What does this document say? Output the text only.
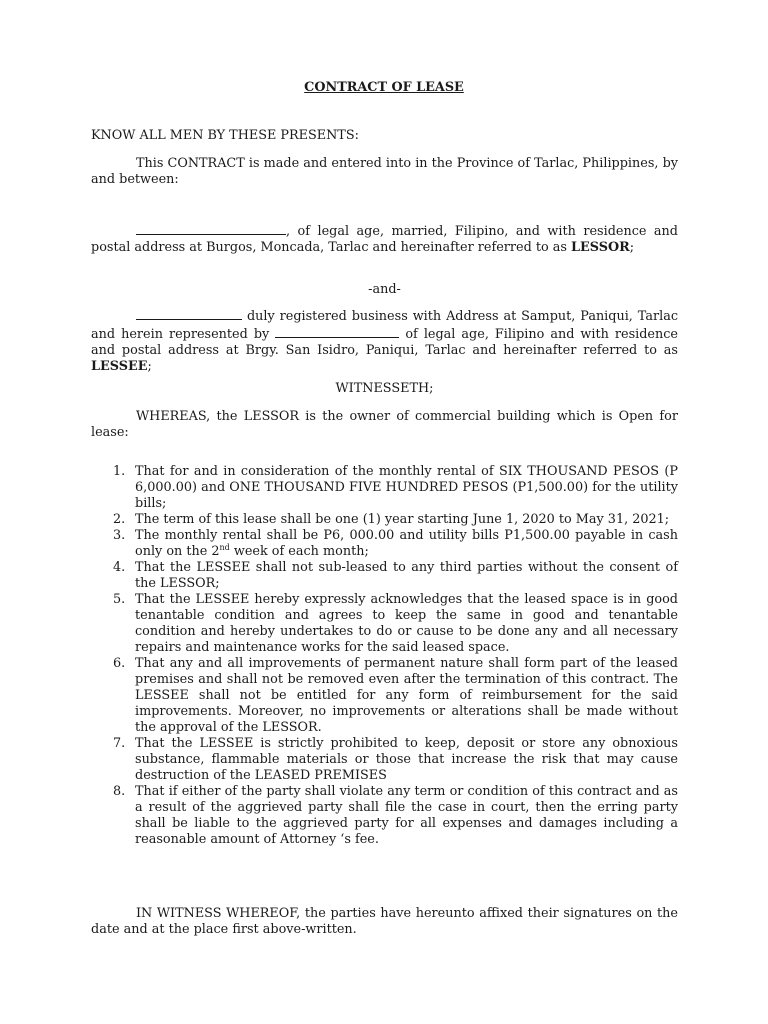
CONTRACT OF LEASE

KNOW ALL MEN BY THESE PRESENTS:

This CONTRACT is made and entered into in the Province of Tarlac, Philippines, by and between:

, of legal age, married, Filipino, and with residence and postal address at Burgos, Moncada, Tarlac and hereinafter referred to as LESSOR;

-and-

duly registered business with Address at Samput, Paniqui, Tarlac and herein represented by	of legal age, Filipino and with residence and postal address at Brgy. San Isidro, Paniqui, Tarlac and hereinafter referred to as LESSEE;

WITNESSETH;

WHEREAS, the LESSOR is the owner of commercial building which is Open for lease:

1. That for and in consideration of the monthly rental of SIX THOUSAND PESOS (P 6,000.00) and ONE THOUSAND FIVE HUNDRED PESOS (P1,500.00) for the utility bills;
2. The term of this lease shall be one (1) year starting June 1, 2020 to May 31, 2021;
3. The monthly rental shall be P6, 000.00 and utility bills P1,500.00 payable in cash only on the 2nd week of each month;
4. That the LESSEE shall not sub-leased to any third parties without the consent of the LESSOR;
5. That the LESSEE hereby expressly acknowledges that the leased space is in good tenantable condition and agrees to keep the same in good and tenantable condition and hereby undertakes to do or cause to be done any and all necessary repairs and maintenance works for the said leased space.
6. That any and all improvements of permanent nature shall form part of the leased premises and shall not be removed even after the termination of this contract. The LESSEE shall not be entitled for any form of reimbursement for the said improvements. Moreover, no improvements or alterations shall be made without the approval of the LESSOR.
7. That the LESSEE is strictly prohibited to keep, deposit or store any obnoxious substance, flammable materials or those that increase the risk that may cause destruction of the LEASED PREMISES
8. That if either of the party shall violate any term or condition of this contract and as a result of the aggrieved party shall file the case in court, then the erring party shall be liable to the aggrieved party for all expenses and damages including a reasonable amount of Attorney ‘s fee.

IN WITNESS WHEREOF, the parties have hereunto affixed their signatures on the date and at the place first above-written.
